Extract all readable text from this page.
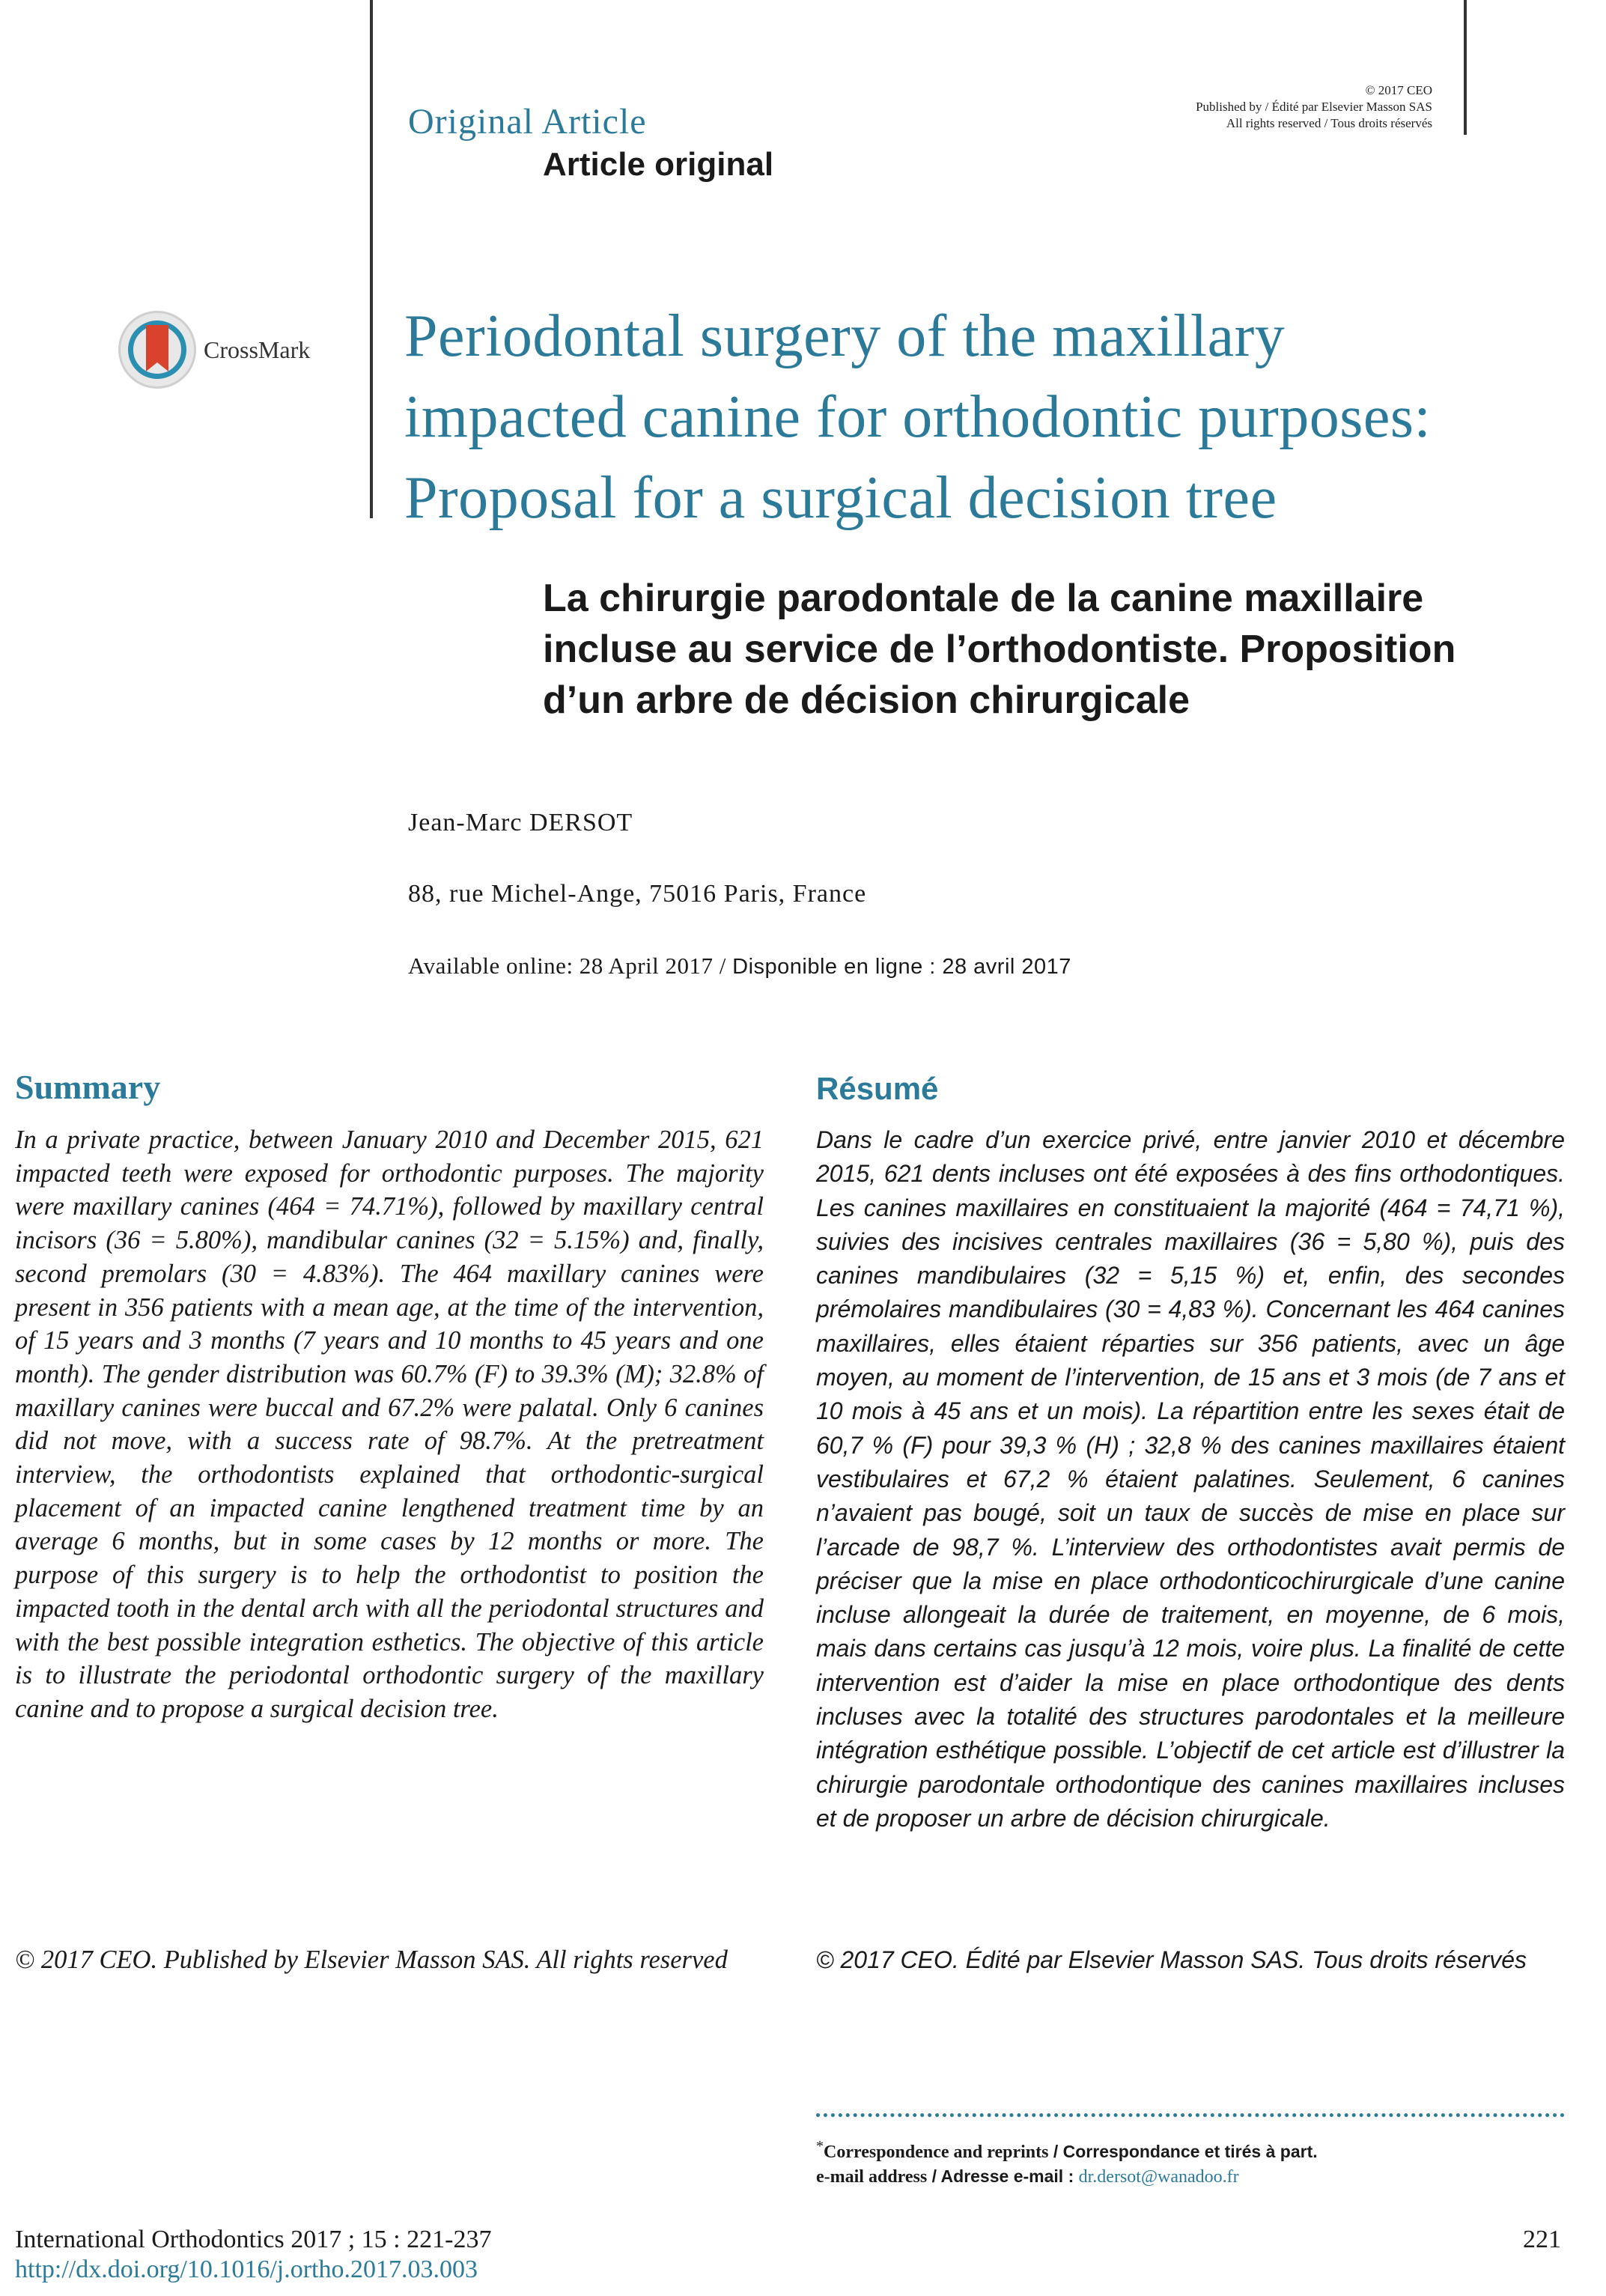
Original Article
Article original
© 2017 CEO
Published by / Édité par Elsevier Masson SAS
All rights reserved / Tous droits réservés
CrossMark Periodontal surgery of the maxillary
impacted canine for orthodontic purposes:
Proposal for a surgical decision tree
La chirurgie parodontale de la canine maxillaire
incluse au service de l’orthodontiste. Proposition
d’un arbre de décision chirurgicale
Jean-Marc DERSOT
88, rue Michel-Ange, 75016 Paris, France
Available online: 28 April 2017 / Disponible en ligne : 28 avril 2017
Summary
In a private practice, between January 2010 and December 2015, 621 impacted teeth were exposed for orthodontic purposes. The majority were maxillary canines (464 = 74.71%), followed by maxillary central incisors (36 = 5.80%), mandibular canines (32 = 5.15%) and, finally, second premolars (30 = 4.83%). The 464 maxillary canines were present in 356 patients with a mean age, at the time of the intervention, of 15 years and 3 months (7 years and 10 months to 45 years and one month). The gender distribution was 60.7% (F) to 39.3% (M); 32.8% of maxillary canines were buccal and 67.2% were palatal. Only 6 canines did not move, with a success rate of 98.7%. At the pretreatment interview, the orthodontists explained that orthodontic-surgical placement of an impacted canine lengthened treatment time by an average 6 months, but in some cases by 12 months or more. The purpose of this surgery is to help the orthodontist to position the impacted tooth in the dental arch with all the periodontal structures and with the best possible integration esthetics. The objective of this article is to illustrate the periodontal orthodontic surgery of the maxillary canine and to propose a surgical decision tree.
© 2017 CEO. Published by Elsevier Masson SAS. All rights reserved
Résumé
Dans le cadre d’un exercice privé, entre janvier 2010 et décembre 2015, 621 dents incluses ont été exposées à des fins orthodontiques. Les canines maxillaires en constituaient la majorité (464 = 74,71 %), suivies des incisives centrales maxillaires (36 = 5,80 %), puis des canines mandibulaires (32 = 5,15 %) et, enfin, des secondes prémolaires mandibulaires (30 = 4,83 %). Concernant les 464 canines maxillaires, elles étaient réparties sur 356 patients, avec un âge moyen, au moment de l’intervention, de 15 ans et 3 mois (de 7 ans et 10 mois à 45 ans et un mois). La répartition entre les sexes était de 60,7 % (F) pour 39,3 % (H) ; 32,8 % des canines maxillaires étaient vestibulaires et 67,2 % étaient palatines. Seulement, 6 canines n’avaient pas bougé, soit un taux de succès de mise en place sur l’arcade de 98,7 %. L’interview des orthodontistes avait permis de préciser que la mise en place orthodonticochirurgicale d’une canine incluse allongeait la durée de traitement, en moyenne, de 6 mois, mais dans certains cas jusqu’à 12 mois, voire plus. La finalité de cette intervention est d’aider la mise en place orthodontique des dents incluses avec la totalité des structures parodontales et la meilleure intégration esthétique possible. L’objectif de cet article est d’illustrer la chirurgie parodontale orthodontique des canines maxillaires incluses et de proposer un arbre de décision chirurgicale.
© 2017 CEO. Édité par Elsevier Masson SAS. Tous droits réservés
*Correspondence and reprints / Correspondance et tirés à part.
e-mail address / Adresse e-mail : dr.dersot@wanadoo.fr
International Orthodontics 2017 ; 15 : 221-237
http://dx.doi.org/10.1016/j.ortho.2017.03.003
221
